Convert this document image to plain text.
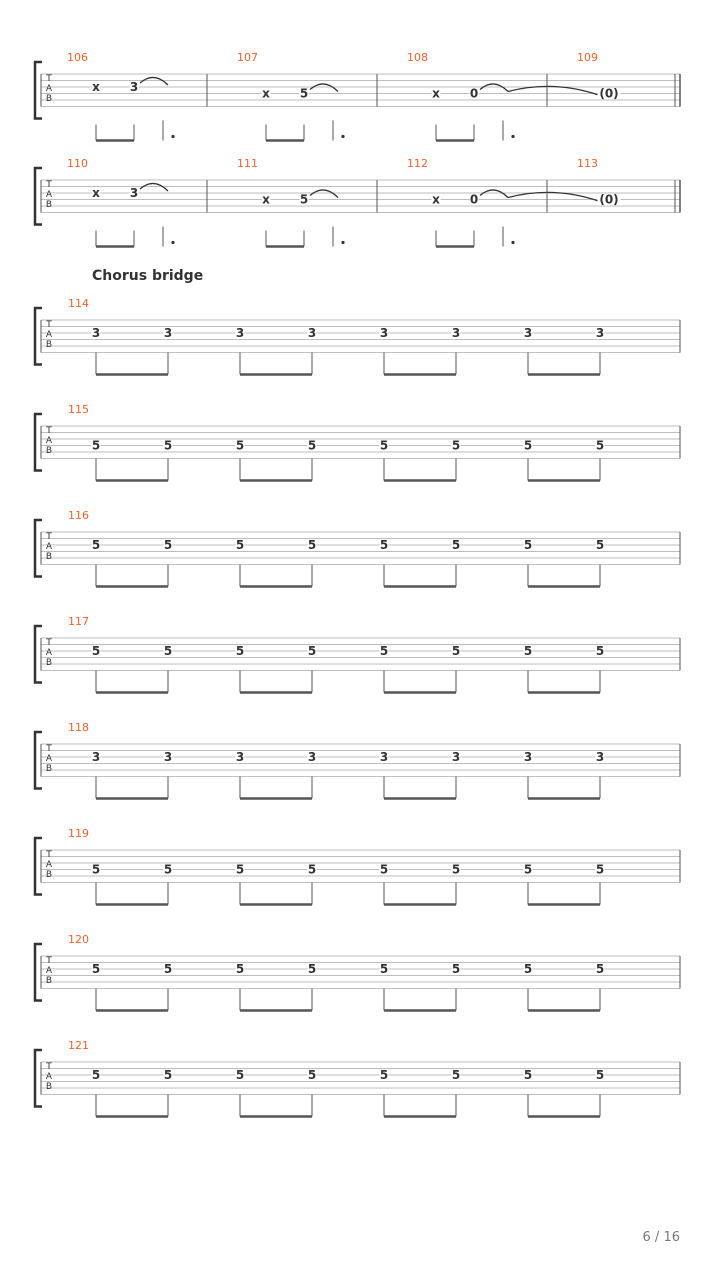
T
A
B
106
x 3
107
x 5
108
x 0
109
(0)
T
A
B
110
x 3
111
x 5
112
x 0
113
(0)
T
A
B
Chorus bridge
114
3	3	3	3	3	3	3	3
T
A
B
115
5	5	5	5	5	5	5	5
T
A
B
116
5	5	5	5	5	5	5	5
T
A
B
117
5	5	5	5	5	5	5	5
T
A
B
118
3	3	3	3	3	3	3	3
T
A
B
119
5	5	5	5	5	5	5	5
T
A
B
120
5	5	5	5	5	5	5	5
T
A
B
121
5	5	5	5	5	5	5	5
6 / 16
